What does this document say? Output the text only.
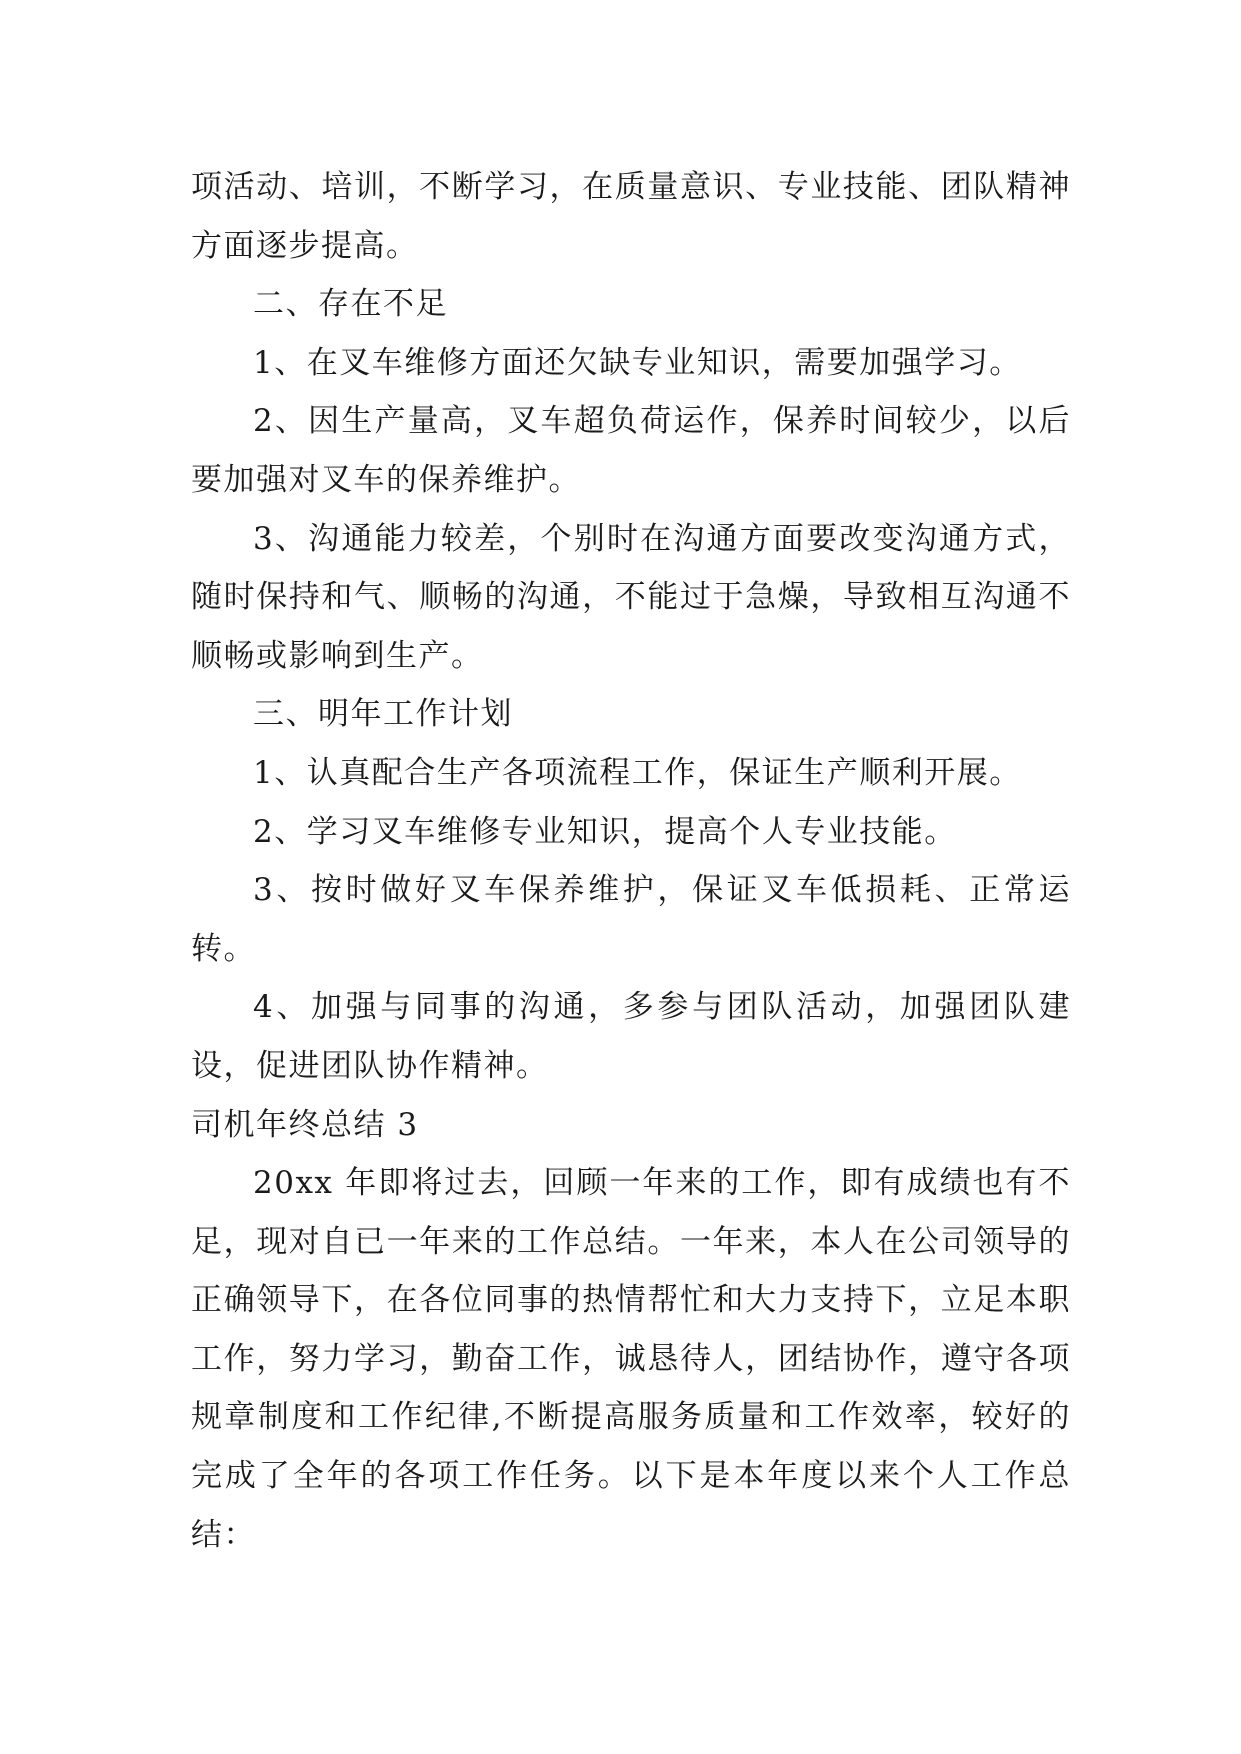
项活动、培训，不断学习，在质量意识、专业技能、团队精神方面逐步提高。

二、存在不足

1、在叉车维修方面还欠缺专业知识，需要加强学习。

2、因生产量高，叉车超负荷运作，保养时间较少，以后要加强对叉车的保养维护。

3、沟通能力较差，个别时在沟通方面要改变沟通方式，随时保持和气、顺畅的沟通，不能过于急燥，导致相互沟通不顺畅或影响到生产。

三、明年工作计划

1、认真配合生产各项流程工作，保证生产顺利开展。

2、学习叉车维修专业知识，提高个人专业技能。

3、按时做好叉车保养维护，保证叉车低损耗、正常运转。

4、加强与同事的沟通，多参与团队活动，加强团队建设，促进团队协作精神。

司机年终总结 3

20xx 年即将过去，回顾一年来的工作，即有成绩也有不足，现对自已一年来的工作总结。一年来，本人在公司领导的正确领导下，在各位同事的热情帮忙和大力支持下，立足本职工作，努力学习，勤奋工作，诚恳待人，团结协作，遵守各项规章制度和工作纪律,不断提高服务质量和工作效率，较好的完成了全年的各项工作任务。以下是本年度以来个人工作总结：
